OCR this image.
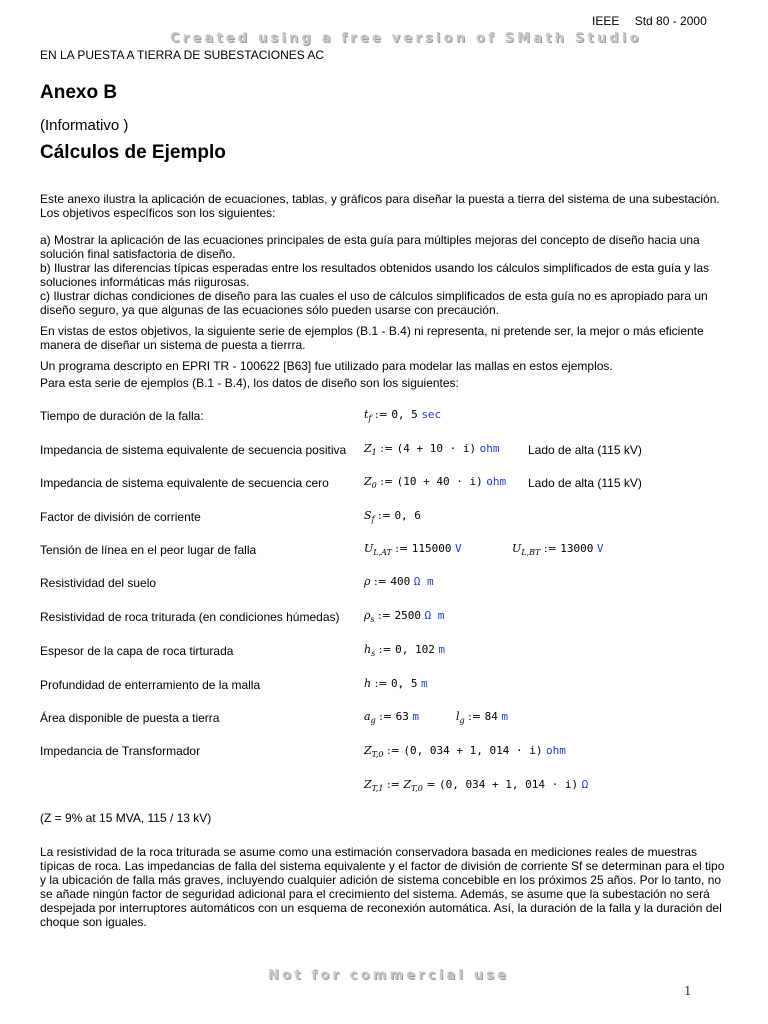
IEEE Std 80 - 2000
Created using a free version of SMath Studio
EN LA PUESTA A TIERRA DE SUBESTACIONES AC
Anexo B
(Informativo )
Cálculos de Ejemplo

Este anexo ilustra la aplicación de ecuaciones, tablas, y gráficos para diseñar la puesta a tierra del sistema de una subestación. Los objetivos específicos son los siguientes:

a) Mostrar la aplicación de las ecuaciones principales de esta guía para múltiples mejoras del concepto de diseño hacia una solución final satisfactoria de diseño.

b) Ilustrar las diferencias típicas esperadas entre los resultados obtenidos usando los cálculos simplificados de esta guía y las soluciones informáticas más riigurosas.

c) Ilustrar dichas condiciones de diseño para las cuales el uso de cálculos simplificados de esta guía no es apropiado para un diseño seguro, ya que algunas de las ecuaciones sólo pueden usarse con precaución.

En vistas de estos objetivos, la siguiente serie de ejemplos (B.1 - B.4) ni representa, ni pretende ser, la mejor o más eficiente manera de diseñar un sistema de puesta a tierrra.

Un programa descripto en EPRI TR - 100622 [B63] fue utilizado para modelar las mallas en estos ejemplos.

Para esta serie de ejemplos (B.1 - B.4), los datos de diseño son los siguientes:

Tiempo de duración de la falla:	$t_f$ := 0, 5 sec
Impedancia de sistema equivalente de secuencia positiva $Z_1$ := (4 + 10 · i) ohm Lado de alta (115 kV)
Impedancia de sistema equivalente de secuencia cero	$Z_0$ := (10 + 40 · i) ohm Lado de alta (115 kV)
Factor de división de corriente	$S_f$ := 0, 6
Tensión de línea en el peor lugar de falla	$U_{L,AT}$ := 115000 V	$U_{L,BT}$ := 13000 V
Resistividad del suelo	ρ := 400 Ω m
Resistividad de roca triturada (en condiciones húmedas) $\rho_s$ := 2500 Ω m
Espesor de la capa de roca tirturada	$h_s$ := 0, 102 m
Profundidad de enterramiento de la malla	h := 0, 5 m
Área disponible de puesta a tierra	$a_g$ := 63 m	$l_g$ := 84 m
Impedancia de Transformador	$Z_{T,0}$ := (0, 034 + 1, 014 · i) ohm
$Z_{T,1}$ := $Z_{T,0} = (0$, 034 + 1, 014 · i) Ω
(Z = 9% at 15 MVA, 115 / 13 kV)

La resistividad de la roca triturada se asume como una estimación conservadora basada en mediciones reales de muestras típicas de roca. Las impedancias de falla del sistema equivalente y el factor de división de corriente Sf se determinan para el tipo y la ubicación de falla más graves, incluyendo cualquier adición de sistema concebible en los próximos 25 años. Por lo tanto, no se añade ningún factor de seguridad adicional para el crecimiento del sistema. Además, se asume que la subestación no será despejada por interruptores automáticos con un esquema de reconexión automática. Así, la duración de la falla y la duración del choque son iguales.

Not for commercial use
1
